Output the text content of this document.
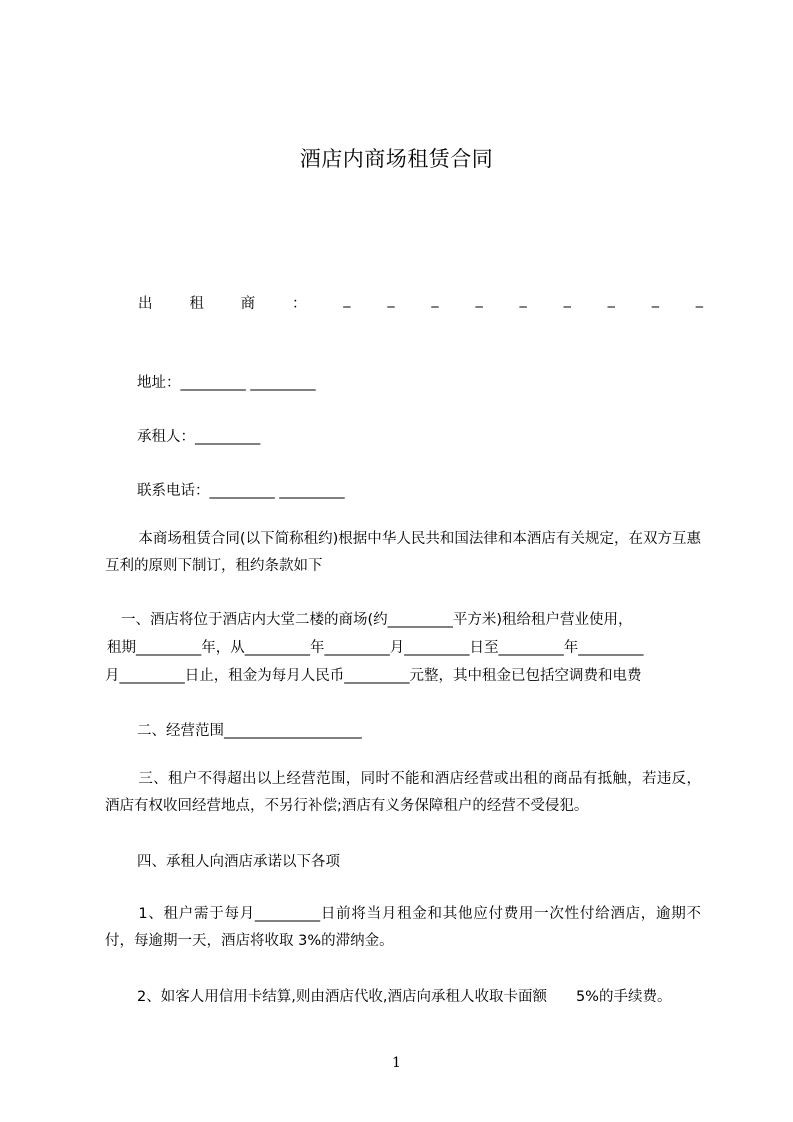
酒店内商场租赁合同
出	租	商	：	_	_	_	_	_	_	_	_	_
地址：_________ _________
承租人：_________
联系电话：_________ _________
本商场租赁合同(以下简称租约)根据中华人民共和国法律和本酒店有关规定，在双方互惠互利的原则下制订，租约条款如下
一、酒店将位于酒店内大堂二楼的商场(约_________平方米)租给租户营业使用，
租期_________年，从_________年_________月_________日至_________年_________
月_________日止，租金为每月人民币_________元整，其中租金已包括空调费和电费
二、经营范围___________________
三、租户不得超出以上经营范围，同时不能和酒店经营或出租的商品有抵触，若违反，酒店有权收回经营地点，不另行补偿;酒店有义务保障租户的经营不受侵犯。
四、承租人向酒店承诺以下各项
1、租户需于每月_________日前将当月租金和其他应付费用一次性付给酒店，逾期不付，每逾期一天，酒店将收取 3%的滞纳金。
2、如客人用信用卡结算,则由酒店代收,酒店向承租人收取卡面额　　5%的手续费。
1
